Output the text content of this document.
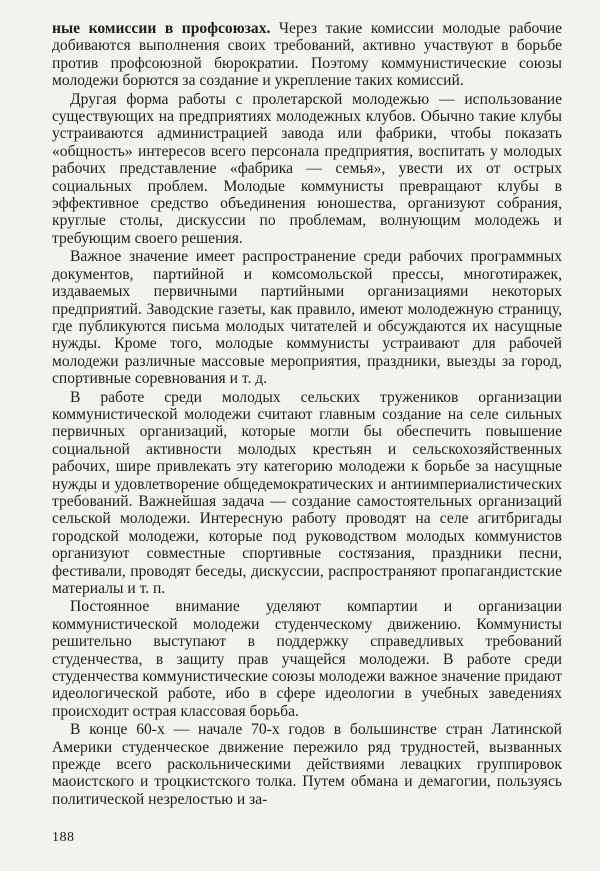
ные комиссии в профсоюзах. Через такие комиссии молодые рабочие добиваются выполнения своих требований, активно участвуют в борьбе против профсоюзной бюрократии. Поэтому коммунистические союзы молодежи борются за создание и укрепление таких комиссий.

Другая форма работы с пролетарской молодежью — использование существующих на предприятиях молодежных клубов. Обычно такие клубы устраиваются администрацией завода или фабрики, чтобы показать «общность» интересов всего персонала предприятия, воспитать у молодых рабочих представление «фабрика — семья», увести их от острых социальных проблем. Молодые коммунисты превращают клубы в эффективное средство объединения юношества, организуют собрания, круглые столы, дискуссии по проблемам, волнующим молодежь и требующим своего решения.

Важное значение имеет распространение среди рабочих программных документов, партийной и комсомольской прессы, многотиражек, издаваемых первичными партийными организациями некоторых предприятий. Заводские газеты, как правило, имеют молодежную страницу, где публикуются письма молодых читателей и обсуждаются их насущные нужды. Кроме того, молодые коммунисты устраивают для рабочей молодежи различные массовые мероприятия, праздники, выезды за город, спортивные соревнования и т. д.

В работе среди молодых сельских тружеников организации коммунистической молодежи считают главным создание на селе сильных первичных организаций, которые могли бы обеспечить повышение социальной активности молодых крестьян и сельскохозяйственных рабочих, шире привлекать эту категорию молодежи к борьбе за насущные нужды и удовлетворение общедемократических и антиимпериалистических требований. Важнейшая задача — создание самостоятельных организаций сельской молодежи. Интересную работу проводят на селе агитбригады городской молодежи, которые под руководством молодых коммунистов организуют совместные спортивные состязания, праздники песни, фестивали, проводят беседы, дискуссии, распространяют пропагандистские материалы и т. п.

Постоянное внимание уделяют компартии и организации коммунистической молодежи студенческому движению. Коммунисты решительно выступают в поддержку справедливых требований студенчества, в защиту прав учащейся молодежи. В работе среди студенчества коммунистические союзы молодежи важное значение придают идеологической работе, ибо в сфере идеологии в учебных заведениях происходит острая классовая борьба.

В конце 60-х — начале 70-х годов в большинстве стран Латинской Америки студенческое движение пережило ряд трудностей, вызванных прежде всего раскольническими действиями левацких группировок маоистского и троцкистского толка. Путем обмана и демагогии, пользуясь политической незрелостью и за-

188
